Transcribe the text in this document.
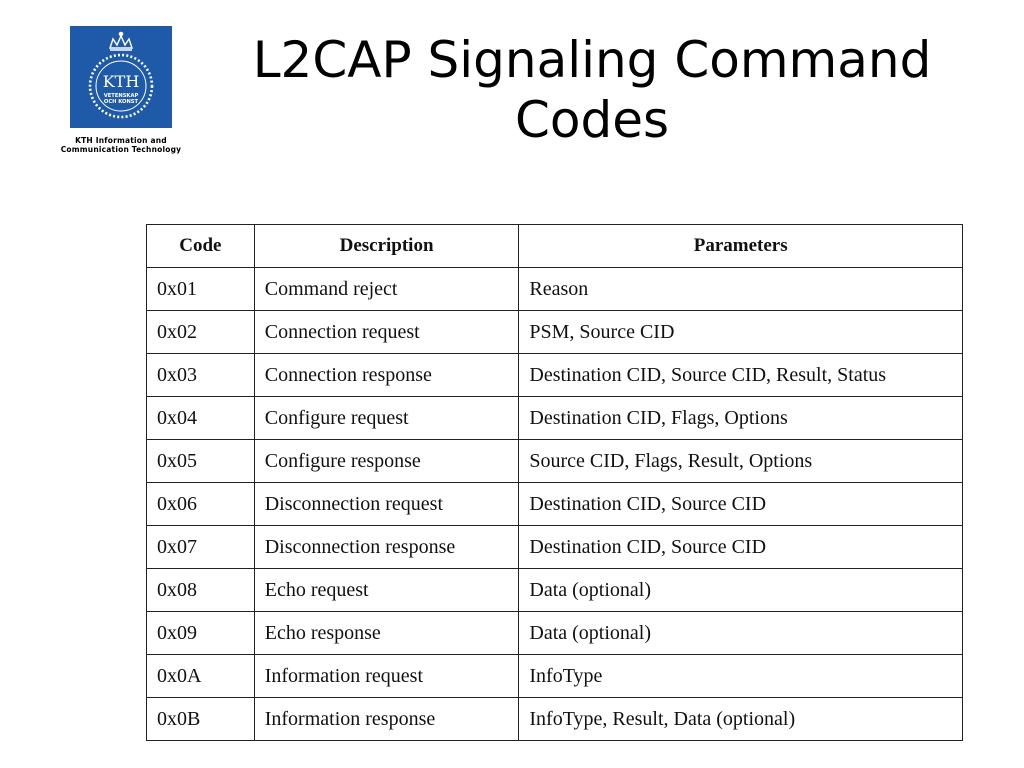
KTH
VETENSKAP
OCH KONST
KTH Information and
Communication Technology
L2CAP Signaling Command
Codes
Code	Description	Parameters
0x01	Command reject	Reason
0x02	Connection request	PSM, Source CID
0x03	Connection response	Destination CID, Source CID, Result, Status
0x04	Configure request	Destination CID, Flags, Options
0x05	Configure response	Source CID, Flags, Result, Options
0x06	Disconnection request	Destination CID, Source CID
0x07	Disconnection response	Destination CID, Source CID
0x08	Echo request	Data (optional)
0x09	Echo response	Data (optional)
0x0A	Information request	InfoType
0x0B	Information response	InfoType, Result, Data (optional)
